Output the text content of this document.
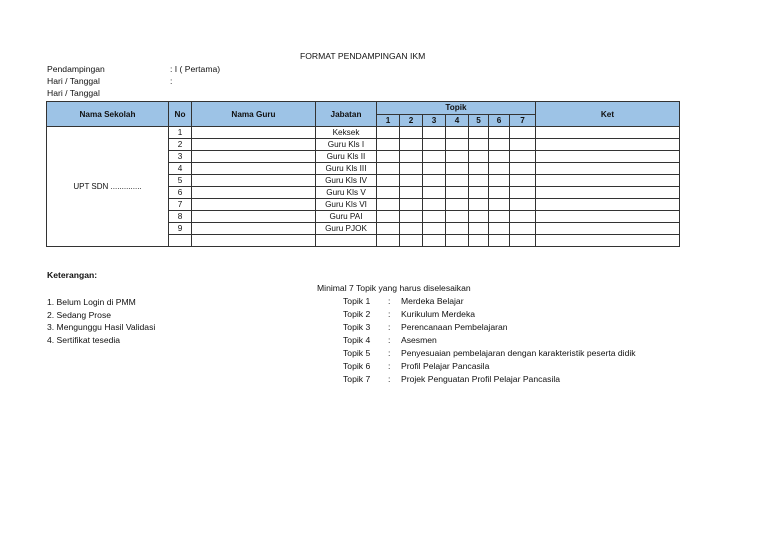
FORMAT PENDAMPINGAN IKM
Pendampingan	: I ( Pertama)
Hari / Tanggal	:
Hari / Tanggal
Nama Sekolah	No	Nama Guru	Jabatan	Topik							Ket
				1	2	3	4	5	6	7	
UPT SDN ..............	1		Keksek								
	2		Guru Kls I								
	3		Guru Kls II								
	4		Guru Kls III								
	5		Guru Kls IV								
	6		Guru Kls V								
	7		Guru Kls VI								
	8		Guru PAI								
	9		Guru PJOK								

Keterangan:
1. Belum Login di PMM
2. Sedang Prose
3. Mengunggu Hasil Validasi
4. Sertifikat tesedia
Minimal 7 Topik yang harus diselesaikan
Topik 1 : Merdeka Belajar
Topik 2 : Kurikulum Merdeka
Topik 3 : Perencanaan Pembelajaran
Topik 4 : Asesmen
Topik 5 : Penyesuaian pembelajaran dengan karakteristik peserta didik
Topik 6 : Profil Pelajar Pancasila
Topik 7 : Projek Penguatan Profil Pelajar Pancasila
